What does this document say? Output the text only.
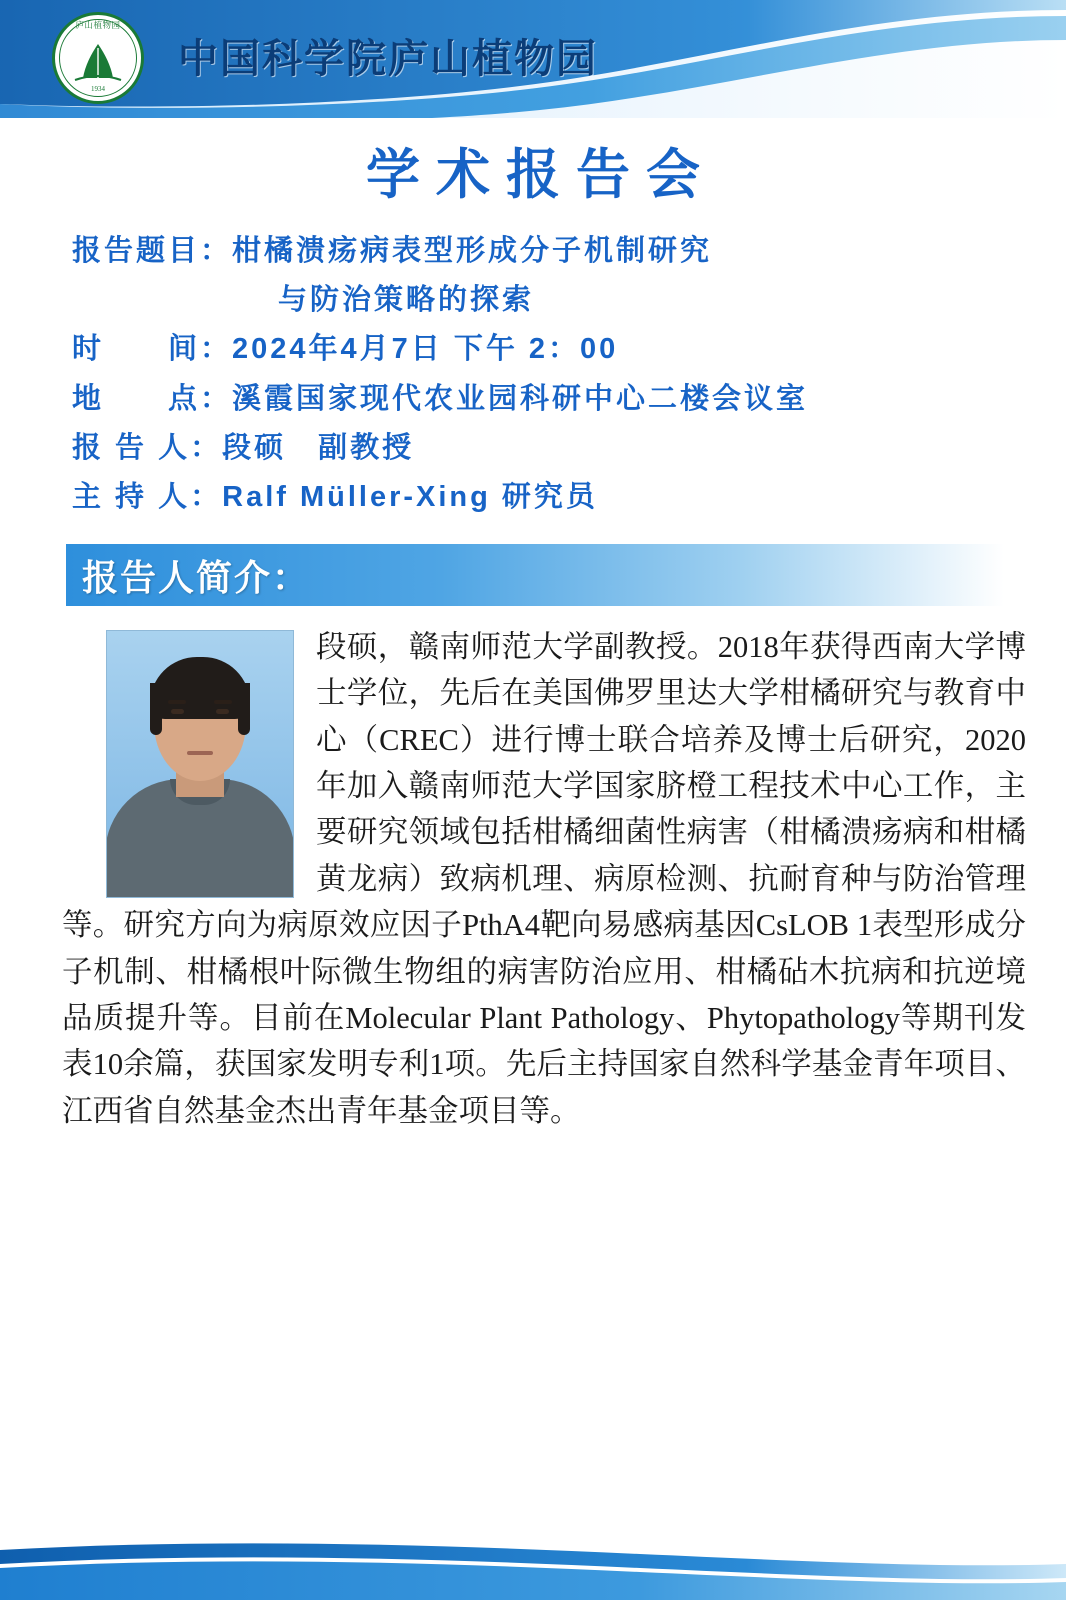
庐山植物园
1934
中国科学院庐山植物园
学术报告会
报告题目： 柑橘溃疡病表型形成分子机制研究
与防治策略的探索
时　　间： 2024年4月7日 下午 2：00
地　　点： 溪霞国家现代农业园科研中心二楼会议室
报 告 人： 段硕　副教授
主 持 人： Ralf Müller-Xing 研究员
报告人简介：
段硕，赣南师范大学副教授。2018年获得西南大学博士学位，先后在美国佛罗里达大学柑橘研究与教育中心（CREC）进行博士联合培养及博士后研究，2020年加入赣南师范大学国家脐橙工程技术中心工作，主要研究领域包括柑橘细菌性病害（柑橘溃疡病和柑橘黄龙病）致病机理、病原检测、抗耐育种与防治管理等。研究方向为病原效应因子PthA4靶向易感病基因CsLOB 1表型形成分子机制、柑橘根叶际微生物组的病害防治应用、柑橘砧木抗病和抗逆境品质提升等。目前在Molecular Plant Pathology、Phytopathology等期刊发表10余篇，获国家发明专利1项。先后主持国家自然科学基金青年项目、江西省自然基金杰出青年基金项目等。
